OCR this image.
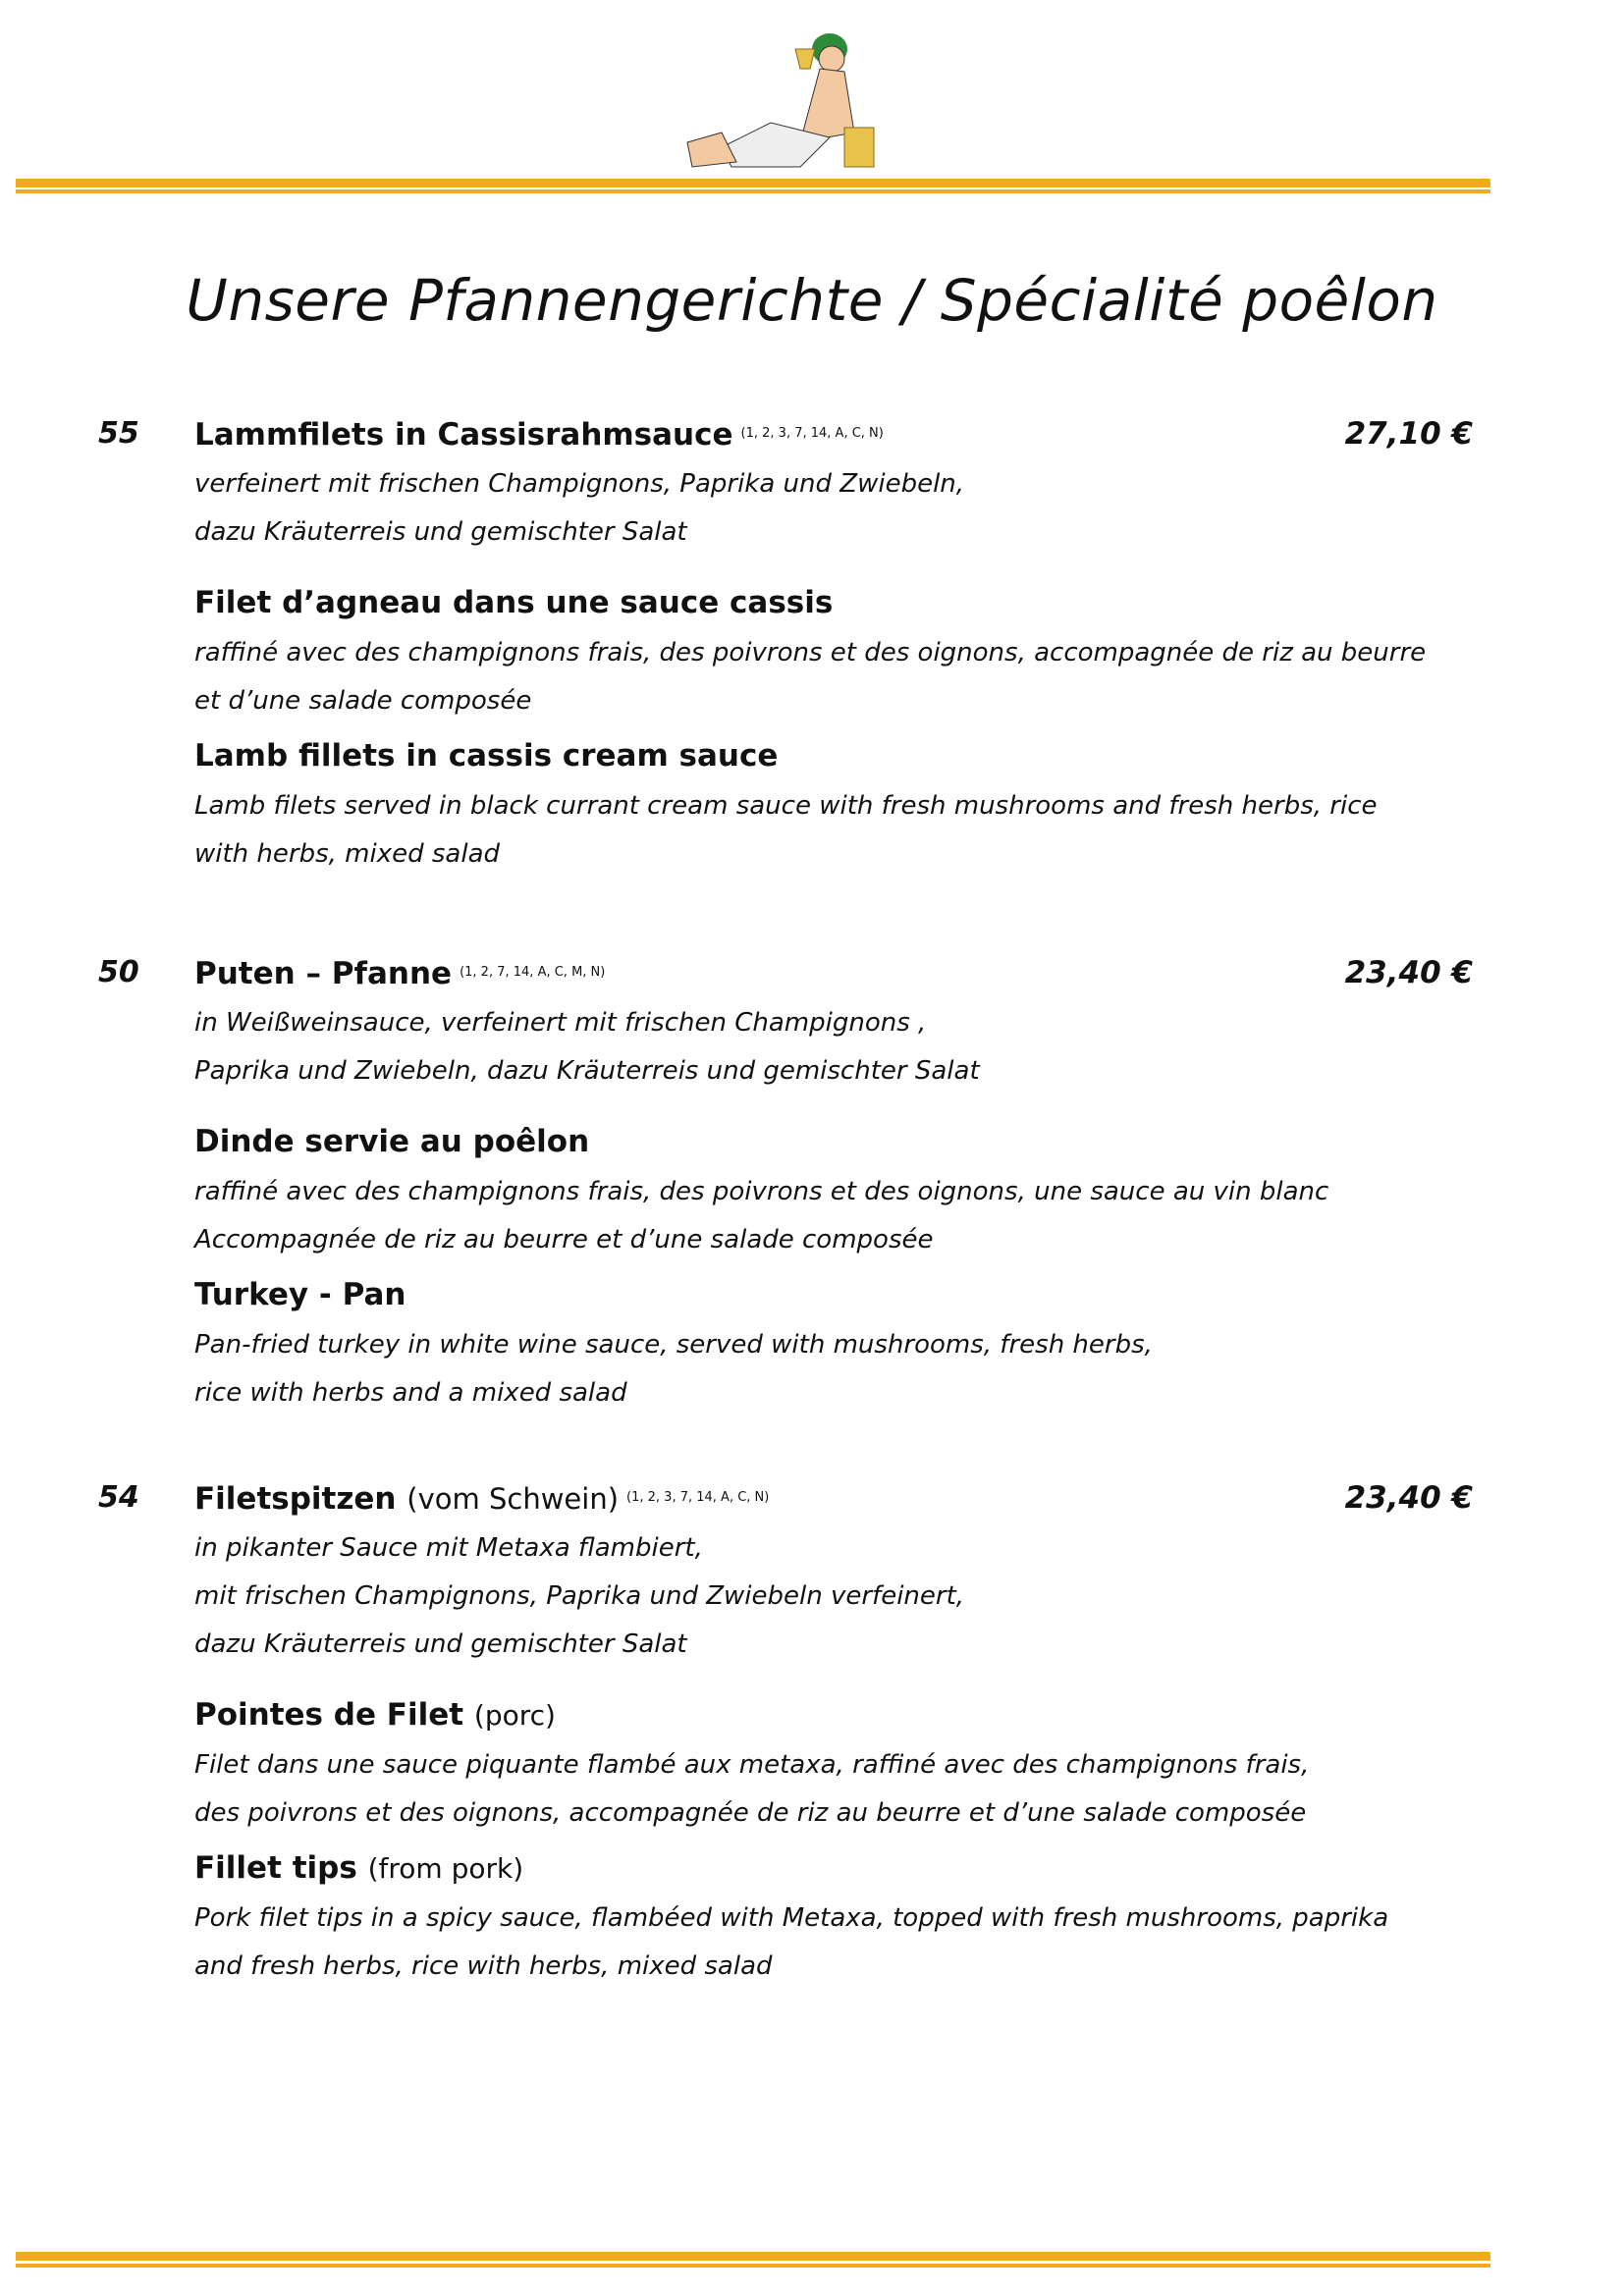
Unsere Pfannengerichte / Spécialité poêlon
55 Lammfilets in Cassisrahmsauce $^{(1, 2, 3, 7, 14, A, C, N)}$	27,10 €
verfeinert mit frischen Champignons, Paprika und Zwiebeln,
dazu Kräuterreis und gemischter Salat
Filet d’agneau dans une sauce cassis
raffiné avec des champignons frais, des poivrons et des oignons, accompagnée de riz au beurre
et d’une salade composée
Lamb fillets in cassis cream sauce
Lamb filets served in black currant cream sauce with fresh mushrooms and fresh herbs, rice
with herbs, mixed salad
50 Puten – Pfanne $^{(1, 2, 7, 14, A, C, M, N)}$	23,40 €
in Weißweinsauce, verfeinert mit frischen Champignons ,
Paprika und Zwiebeln, dazu Kräuterreis und gemischter Salat
Dinde servie au poêlon
raffiné avec des champignons frais, des poivrons et des oignons, une sauce au vin blanc
Accompagnée de riz au beurre et d’une salade composée
Turkey - Pan
Pan-fried turkey in white wine sauce, served with mushrooms, fresh herbs,
rice with herbs and a mixed salad
54 Filetspitzen (vom Schwein) $^{(1, 2, 3, 7, 14, A, C, N)}$	23,40 €
in pikanter Sauce mit Metaxa flambiert,
mit frischen Champignons, Paprika und Zwiebeln verfeinert,
dazu Kräuterreis und gemischter Salat
Pointes de Filet (porc)
Filet dans une sauce piquante flambé aux metaxa, raffiné avec des champignons frais,
des poivrons et des oignons, accompagnée de riz au beurre et d’une salade composée
Fillet tips (from pork)
Pork filet tips in a spicy sauce, flambéed with Metaxa, topped with fresh mushrooms, paprika
and fresh herbs, rice with herbs, mixed salad
